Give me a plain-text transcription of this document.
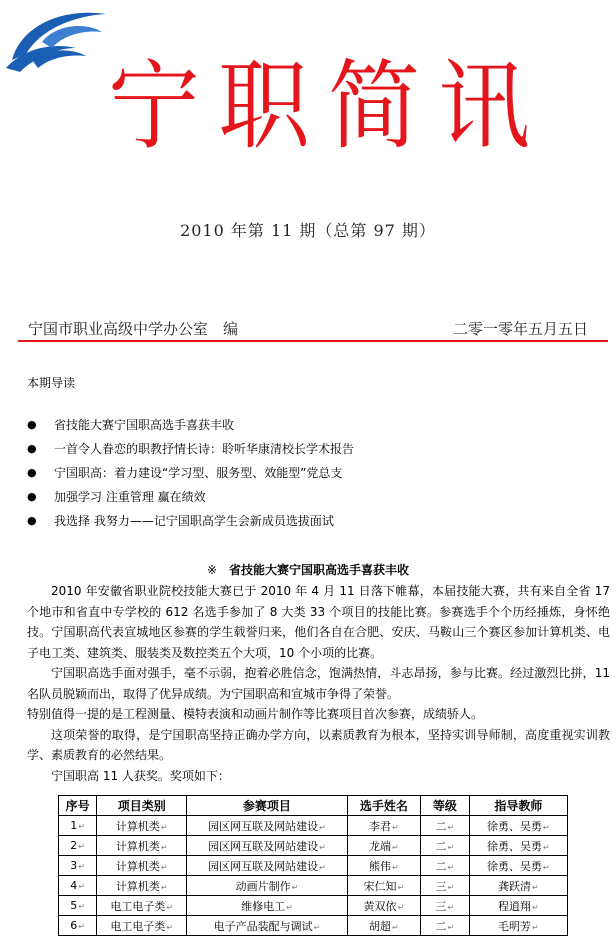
宁职简讯
2010 年第 11 期（总第 97 期）
宁国市职业高级中学办公室　编	二零一零年五月五日
本期导读
● 省技能大赛宁国职高选手喜获丰收
● 一首令人眷恋的职教抒情长诗：聆听华康清校长学术报告
● 宁国职高：着力建设“学习型、服务型、效能型”党总支
● 加强学习 注重管理 赢在绩效
● 我选择 我努力——记宁国职高学生会新成员选拔面试
※ 省技能大赛宁国职高选手喜获丰收

2010 年安徽省职业院校技能大赛已于 2010 年 4 月 11 日落下帷幕，本届技能大赛，共有来自全省 17 个地市和省直中专学校的 612 名选手参加了 8 大类 33 个项目的技能比赛。参赛选手个个历经捶炼，身怀绝技。宁国职高代表宣城地区参赛的学生载誉归来，他们各自在合肥、安庆、马鞍山三个赛区参加计算机类、电子电工类、建筑类、服装类及数控类五个大项，10 个小项的比赛。

宁国职高选手面对强手，毫不示弱，抱着必胜信念，饱满热情，斗志昂扬，参与比赛。经过激烈比拼，11 名队员脱颖而出，取得了优异成绩。为宁国职高和宣城市争得了荣誉。

特别值得一提的是工程测量、模特表演和动画片制作等比赛项目首次参赛，成绩骄人。

这项荣誉的取得，是宁国职高坚持正确办学方向，以素质教育为根本，坚持实训导师制，高度重视实训教学、素质教育的必然结果。

宁国职高 11 人获奖。奖项如下：

序号	项目类别	参赛项目	选手姓名	等级	指导教师
1↵	计算机类↵	园区网互联及网站建设↵	李君↵	二↵	徐勇、吴勇↵
2↵	计算机类↵	园区网互联及网站建设↵	龙端↵	二↵	徐勇、吴勇↵
3↵	计算机类↵	园区网互联及网站建设↵	熊伟↵	二↵	徐勇、吴勇↵
4↵	计算机类↵	动画片制作↵	宋仁知↵	三↵	龚跃清↵
5↵	电工电子类↵	维修电工↵	黄双依↵	三↵	程逍翔↵
6↵	电工电子类↵	电子产品装配与调试↵	胡超↵	二↵	毛明芳↵
